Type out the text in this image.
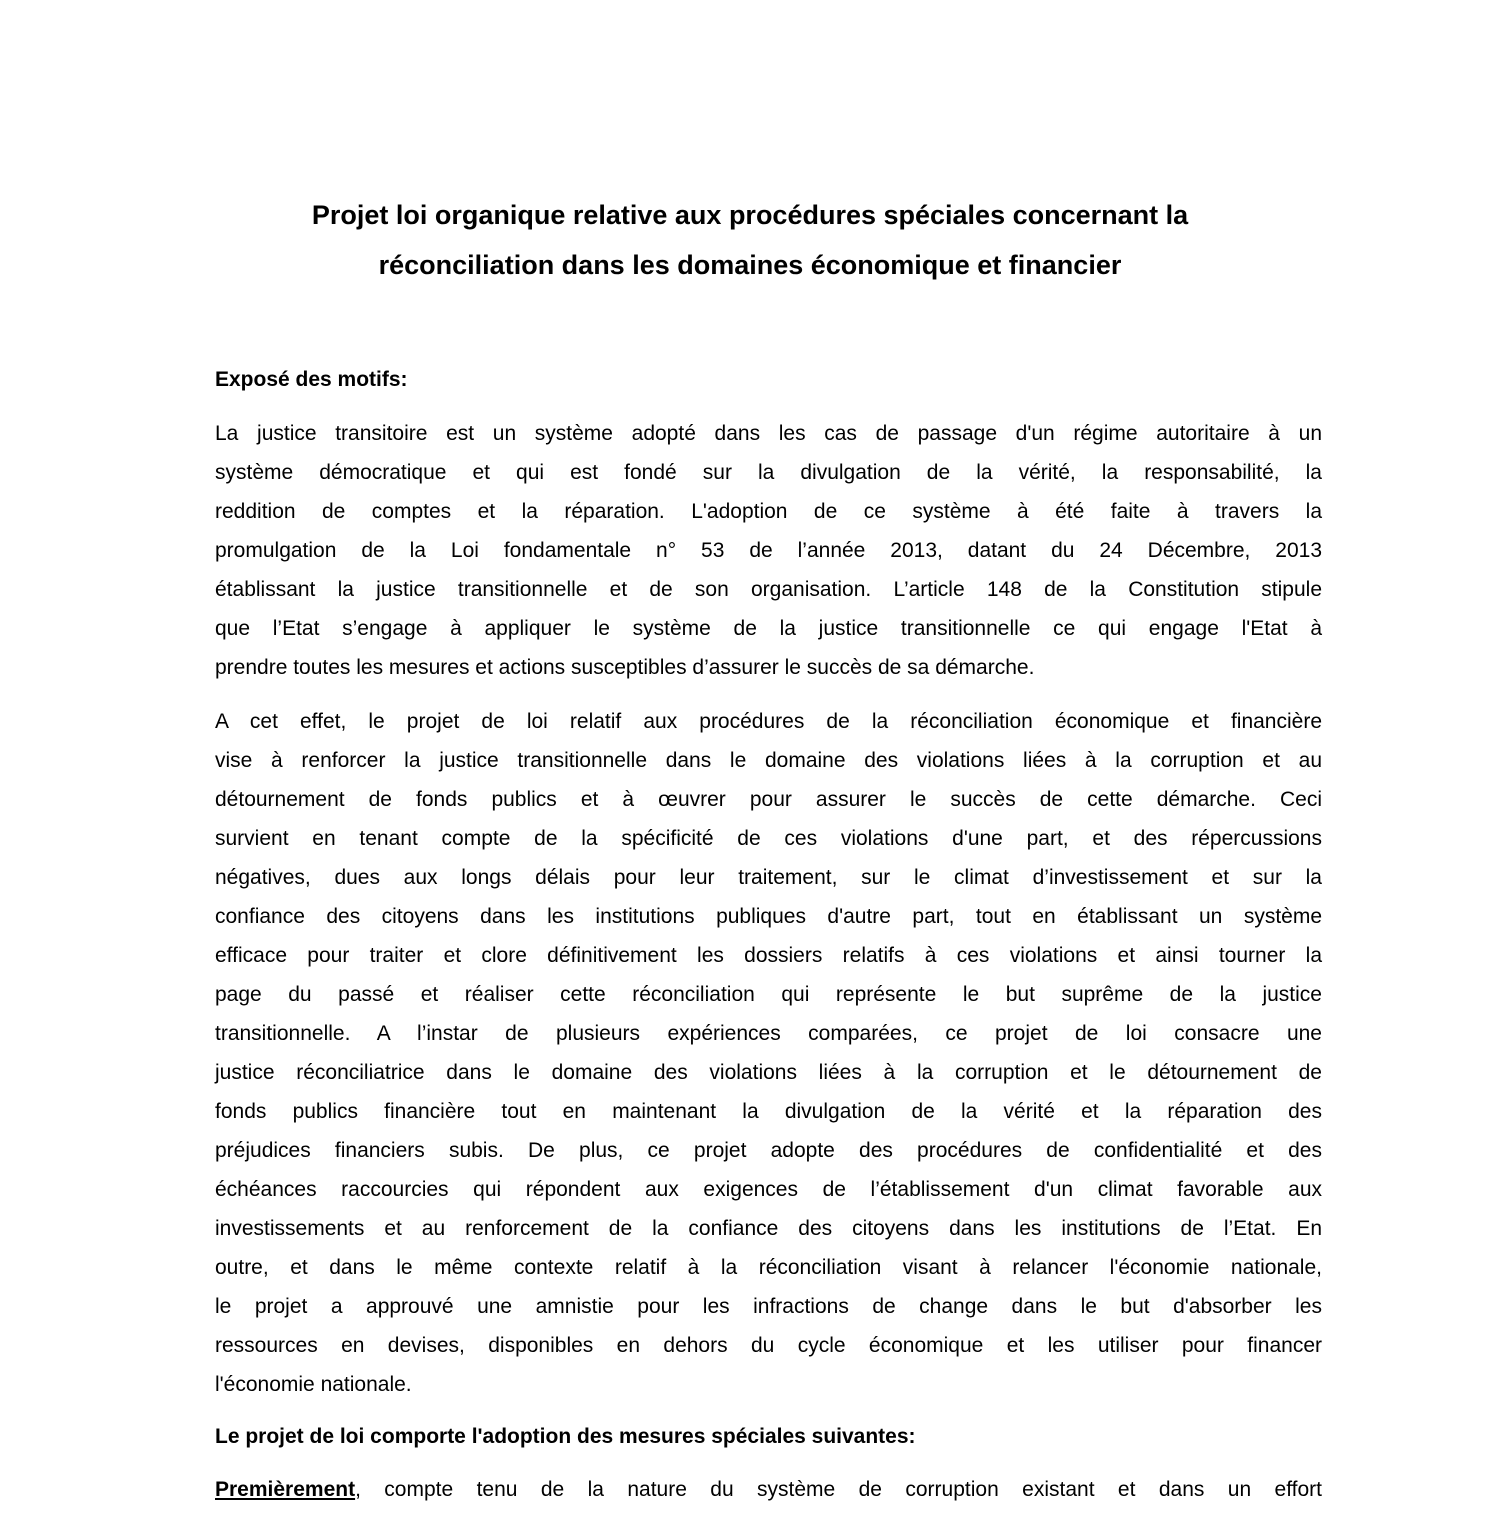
Projet loi organique relative aux procédures spéciales concernant la
réconciliation dans les domaines économique et financier
Exposé des motifs:
La justice transitoire est un système adopté dans les cas de passage d'un régime autoritaire à un
système démocratique et qui est fondé sur la divulgation de la vérité, la responsabilité, la
reddition de comptes et la réparation. L'adoption de ce système à été faite à travers la
promulgation de la Loi fondamentale n° 53 de l’année 2013, datant du 24 Décembre, 2013
établissant la justice transitionnelle et de son organisation. L’article 148 de la Constitution stipule
que l’Etat s’engage à appliquer le système de la justice transitionnelle ce qui engage l'Etat à
prendre toutes les mesures et actions susceptibles d’assurer le succès de sa démarche.
A cet effet, le projet de loi relatif aux procédures de la réconciliation économique et financière
vise à renforcer la justice transitionnelle dans le domaine des violations liées à la corruption et au
détournement de fonds publics et à œuvrer pour assurer le succès de cette démarche. Ceci
survient en tenant compte de la spécificité de ces violations d'une part, et des répercussions
négatives, dues aux longs délais pour leur traitement, sur le climat d’investissement et sur la
confiance des citoyens dans les institutions publiques d'autre part, tout en établissant un système
efficace pour traiter et clore définitivement les dossiers relatifs à ces violations et ainsi tourner la
page du passé et réaliser cette réconciliation qui représente le but suprême de la justice
transitionnelle. A l’instar de plusieurs expériences comparées, ce projet de loi consacre une
justice réconciliatrice dans le domaine des violations liées à la corruption et le détournement de
fonds publics financière tout en maintenant la divulgation de la vérité et la réparation des
préjudices financiers subis. De plus, ce projet adopte des procédures de confidentialité et des
échéances raccourcies qui répondent aux exigences de l’établissement d'un climat favorable aux
investissements et au renforcement de la confiance des citoyens dans les institutions de l’Etat. En
outre, et dans le même contexte relatif à la réconciliation visant à relancer l'économie nationale,
le projet a approuvé une amnistie pour les infractions de change dans le but d'absorber les
ressources en devises, disponibles en dehors du cycle économique et les utiliser pour financer
l'économie nationale.
Le projet de loi comporte l'adoption des mesures spéciales suivantes:
Premièrement, compte tenu de la nature du système de corruption existant et dans un effort
